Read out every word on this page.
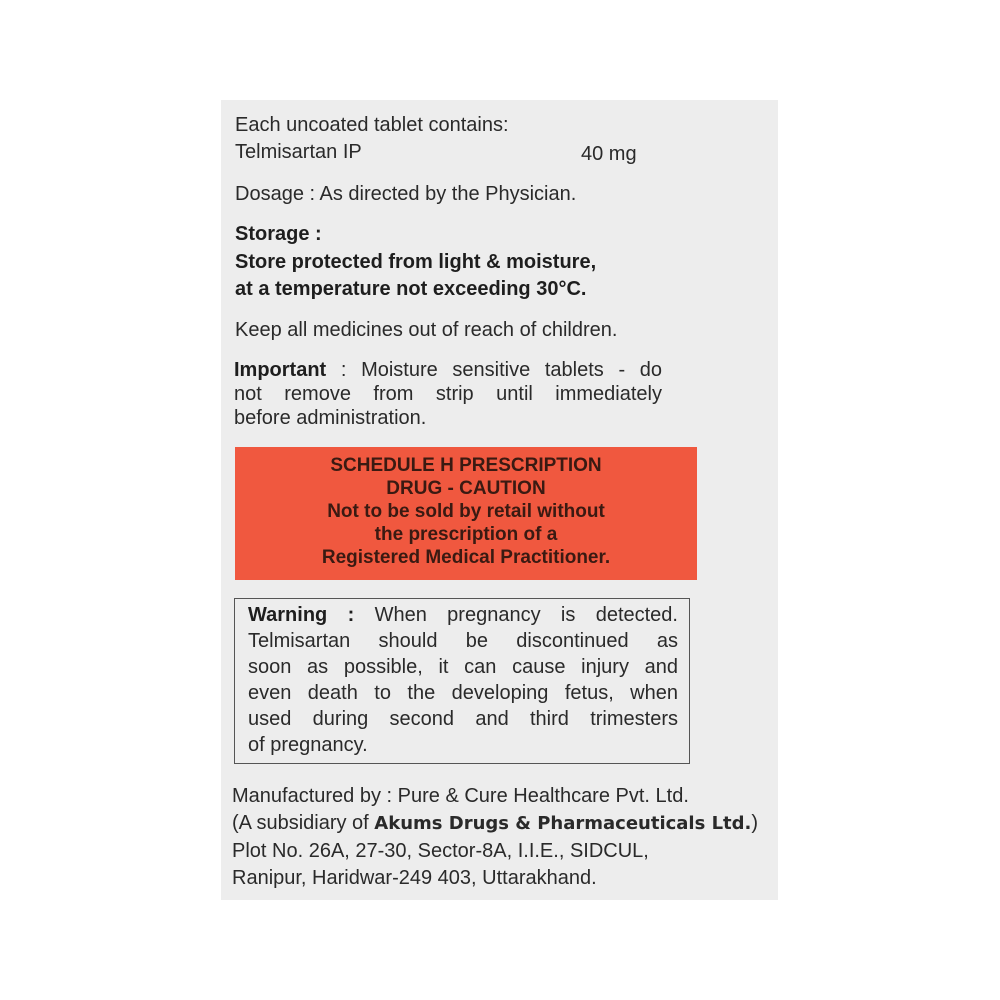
Each uncoated tablet contains:
Telmisartan IP	40 mg
Dosage : As directed by the Physician.
Storage :
Store protected from light & moisture,
at a temperature not exceeding 30°C.
Keep all medicines out of reach of children.
Important : Moisture sensitive tablets - do
not remove from strip until immediately
before administration.
SCHEDULE H PRESCRIPTION
DRUG - CAUTION
Not to be sold by retail without
the prescription of a
Registered Medical Practitioner.
Warning : When pregnancy is detected.
Telmisartan should be discontinued as
soon as possible, it can cause injury and
even death to the developing fetus, when
used during second and third trimesters
of pregnancy.
Manufactured by : Pure & Cure Healthcare Pvt. Ltd.
(A subsidiary of Akums Drugs & Pharmaceuticals Ltd.)
Plot No. 26A, 27-30, Sector-8A, I.I.E., SIDCUL,
Ranipur, Haridwar-249 403, Uttarakhand.
